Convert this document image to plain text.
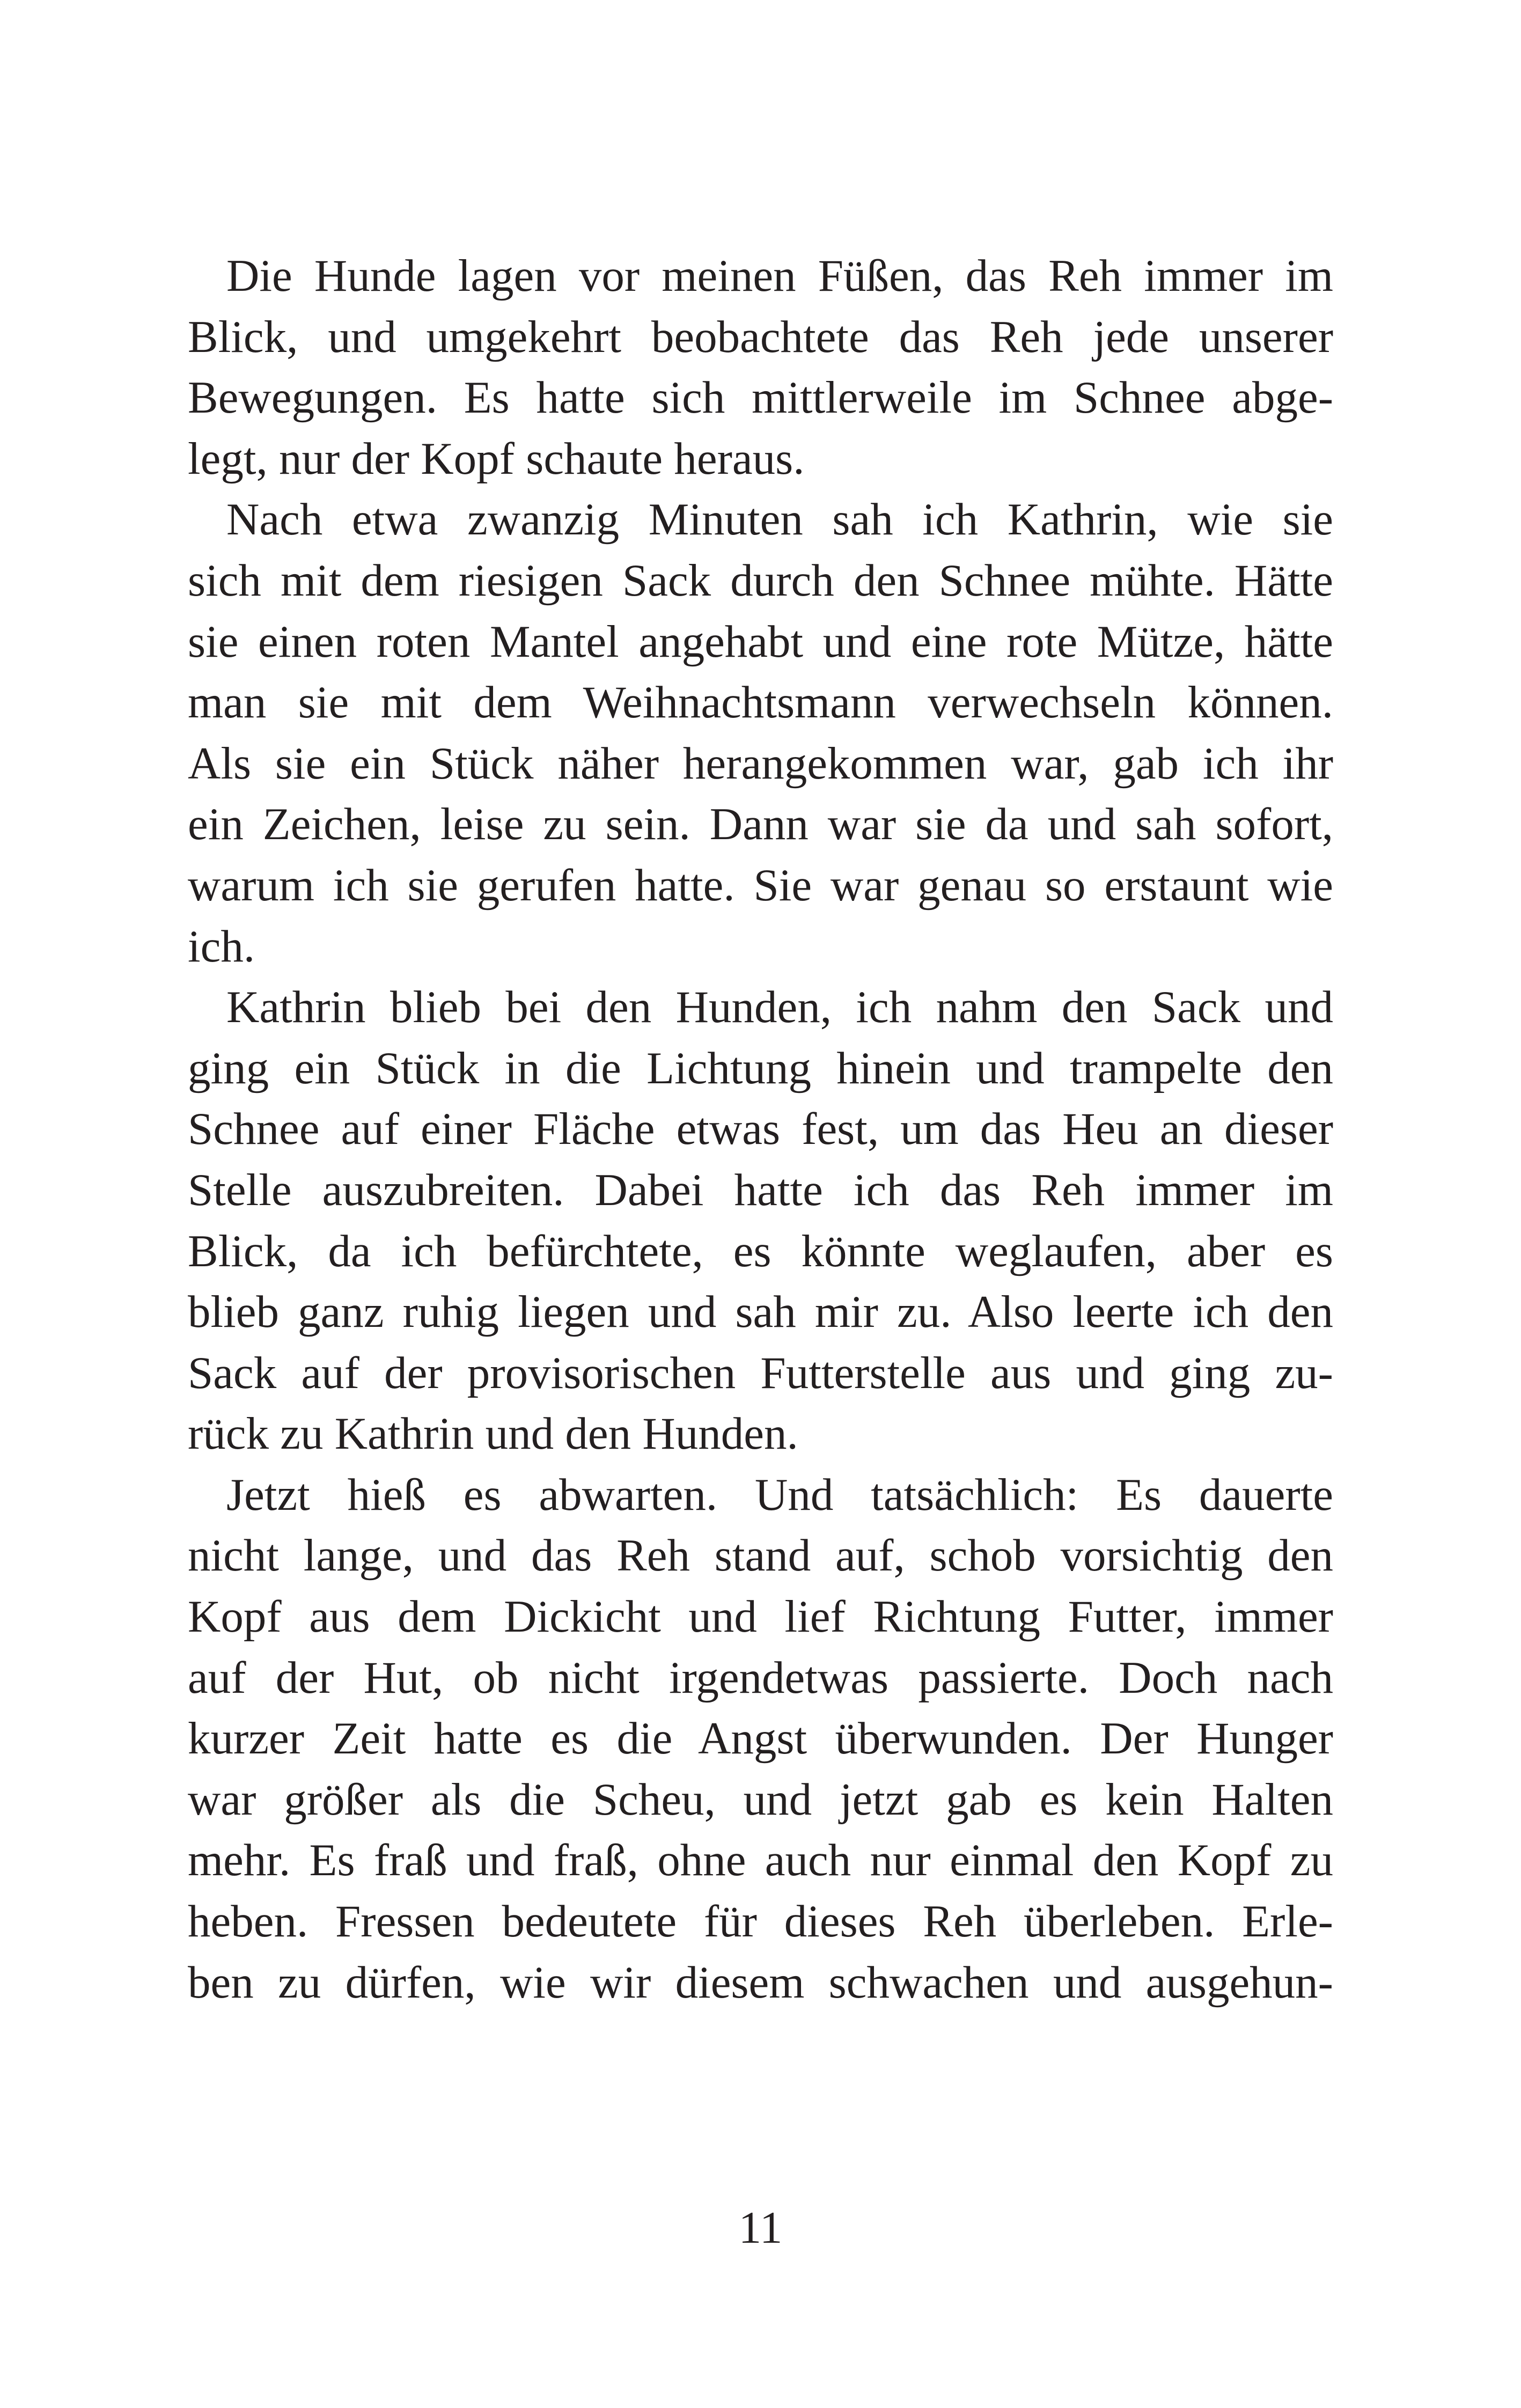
Die Hunde lagen vor meinen Füßen, das Reh immer im
Blick, und umgekehrt beobachtete das Reh jede unserer
Bewegungen. Es hatte sich mittlerweile im Schnee abge-
legt, nur der Kopf schaute heraus.

Nach etwa zwanzig Minuten sah ich Kathrin, wie sie
sich mit dem riesigen Sack durch den Schnee mühte. Hätte
sie einen roten Mantel angehabt und eine rote Mütze, hätte
man sie mit dem Weihnachtsmann verwechseln können.
Als sie ein Stück näher herangekommen war, gab ich ihr
ein Zeichen, leise zu sein. Dann war sie da und sah sofort,
warum ich sie gerufen hatte. Sie war genau so erstaunt wie
ich.

Kathrin blieb bei den Hunden, ich nahm den Sack und
ging ein Stück in die Lichtung hinein und trampelte den
Schnee auf einer Fläche etwas fest, um das Heu an dieser
Stelle auszubreiten. Dabei hatte ich das Reh immer im
Blick, da ich befürchtete, es könnte weglaufen, aber es
blieb ganz ruhig liegen und sah mir zu. Also leerte ich den
Sack auf der provisorischen Futterstelle aus und ging zu-
rück zu Kathrin und den Hunden.

Jetzt hieß es abwarten. Und tatsächlich: Es dauerte
nicht lange, und das Reh stand auf, schob vorsichtig den
Kopf aus dem Dickicht und lief Richtung Futter, immer
auf der Hut, ob nicht irgendetwas passierte. Doch nach
kurzer Zeit hatte es die Angst überwunden. Der Hunger
war größer als die Scheu, und jetzt gab es kein Halten
mehr. Es fraß und fraß, ohne auch nur einmal den Kopf zu
heben. Fressen bedeutete für dieses Reh überleben. Erle-
ben zu dürfen, wie wir diesem schwachen und ausgehun-

11
